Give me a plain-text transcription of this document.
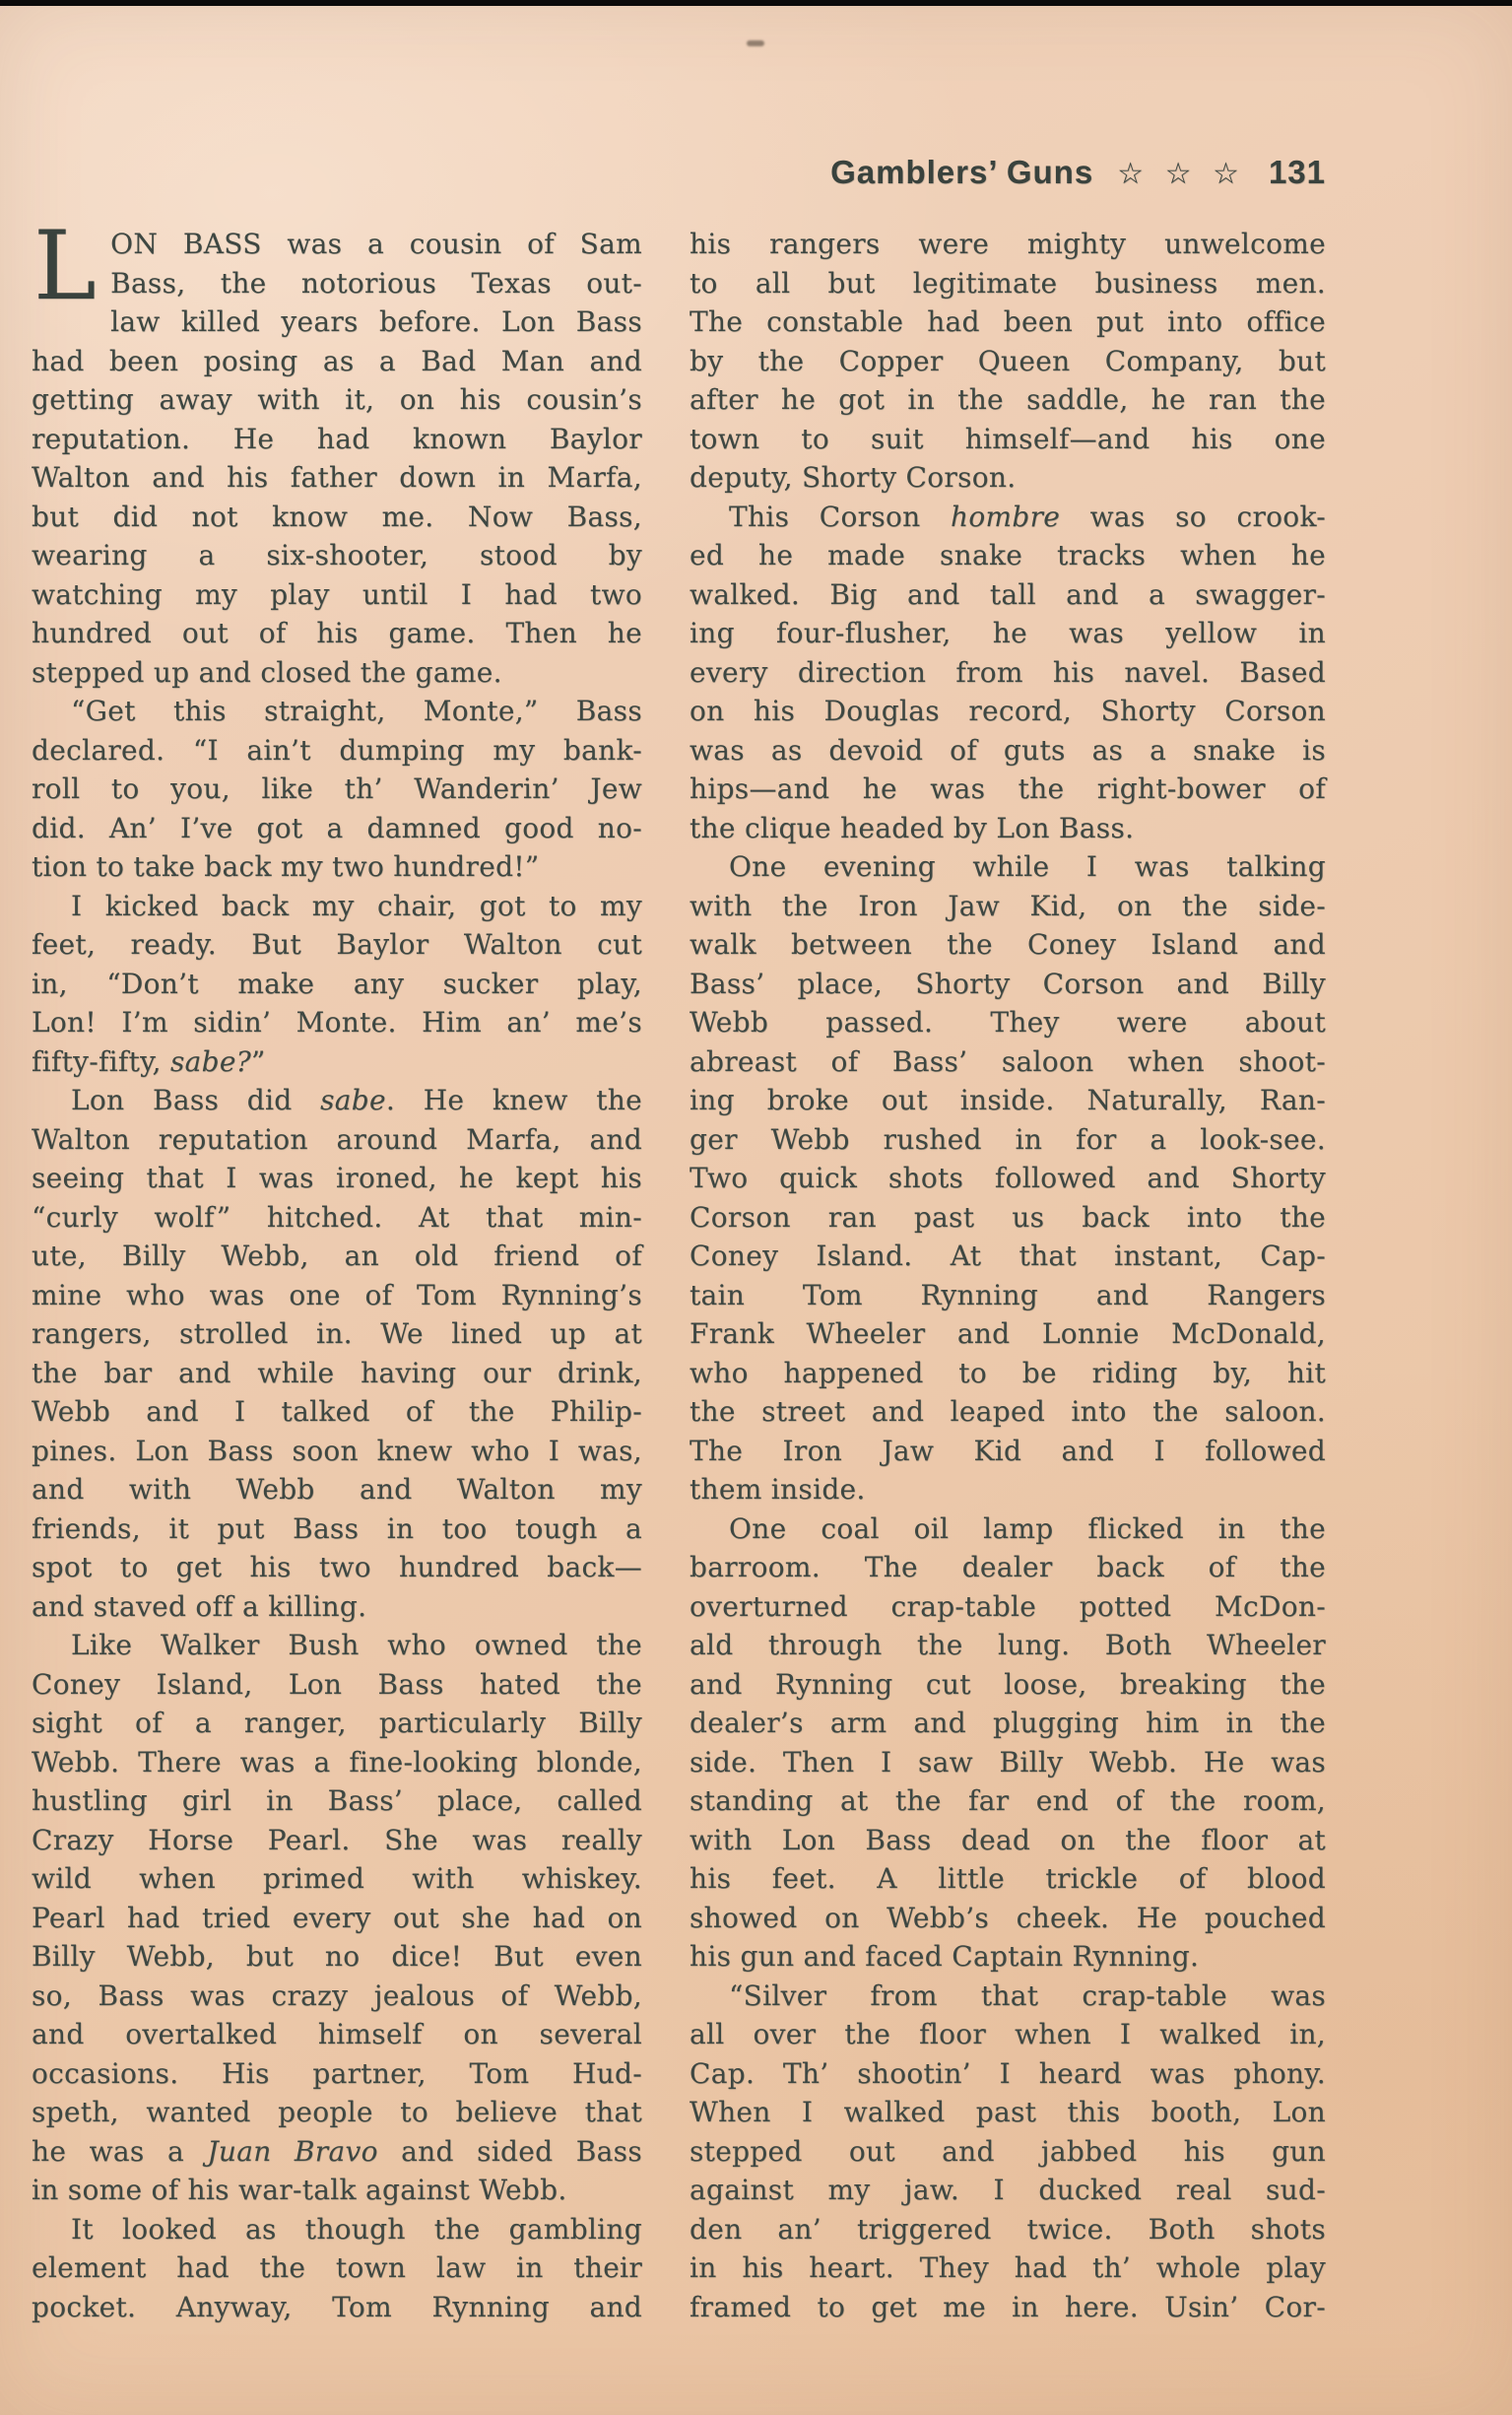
Gamblers’ Guns ☆ ☆ ☆ 131
L ON BASS was a cousin of Sam
Bass, the notorious Texas out-
law killed years before. Lon Bass
had been posing as a Bad Man and
getting away with it, on his cousin’s
reputation. He had known Baylor
Walton and his father down in Marfa,
but did not know me. Now Bass,
wearing a six-shooter, stood by
watching my play until I had two
hundred out of his game. Then he
stepped up and closed the game.
“Get this straight, Monte,” Bass
declared. “I ain’t dumping my bank-
roll to you, like th’ Wanderin’ Jew
did. An’ I’ve got a damned good no-
tion to take back my two hundred!”
I kicked back my chair, got to my
feet, ready. But Baylor Walton cut
in, “Don’t make any sucker play,
Lon! I’m sidin’ Monte. Him an’ me’s
fifty-fifty, sabe?”
Lon Bass did sabe. He knew the
Walton reputation around Marfa, and
seeing that I was ironed, he kept his
“curly wolf” hitched. At that min-
ute, Billy Webb, an old friend of
mine who was one of Tom Rynning’s
rangers, strolled in. We lined up at
the bar and while having our drink,
Webb and I talked of the Philip-
pines. Lon Bass soon knew who I was,
and with Webb and Walton my
friends, it put Bass in too tough a
spot to get his two hundred back—
and staved off a killing.
Like Walker Bush who owned the
Coney Island, Lon Bass hated the
sight of a ranger, particularly Billy
Webb. There was a fine-looking blonde,
hustling girl in Bass’ place, called
Crazy Horse Pearl. She was really
wild when primed with whiskey.
Pearl had tried every out she had on
Billy Webb, but no dice! But even
so, Bass was crazy jealous of Webb,
and overtalked himself on several
occasions. His partner, Tom Hud-
speth, wanted people to believe that
he was a Juan Bravo and sided Bass
in some of his war-talk against Webb.
It looked as though the gambling
element had the town law in their
pocket. Anyway, Tom Rynning and
his rangers were mighty unwelcome
to all but legitimate business men.
The constable had been put into office
by the Copper Queen Company, but
after he got in the saddle, he ran the
town to suit himself—and his one
deputy, Shorty Corson.
This Corson hombre was so crook-
ed he made snake tracks when he
walked. Big and tall and a swagger-
ing four-flusher, he was yellow in
every direction from his navel. Based
on his Douglas record, Shorty Corson
was as devoid of guts as a snake is
hips—and he was the right-bower of
the clique headed by Lon Bass.
One evening while I was talking
with the Iron Jaw Kid, on the side-
walk between the Coney Island and
Bass’ place, Shorty Corson and Billy
Webb passed. They were about
abreast of Bass’ saloon when shoot-
ing broke out inside. Naturally, Ran-
ger Webb rushed in for a look-see.
Two quick shots followed and Shorty
Corson ran past us back into the
Coney Island. At that instant, Cap-
tain Tom Rynning and Rangers
Frank Wheeler and Lonnie McDonald,
who happened to be riding by, hit
the street and leaped into the saloon.
The Iron Jaw Kid and I followed
them inside.
One coal oil lamp flicked in the
barroom. The dealer back of the
overturned crap-table potted McDon-
ald through the lung. Both Wheeler
and Rynning cut loose, breaking the
dealer’s arm and plugging him in the
side. Then I saw Billy Webb. He was
standing at the far end of the room,
with Lon Bass dead on the floor at
his feet. A little trickle of blood
showed on Webb’s cheek. He pouched
his gun and faced Captain Rynning.
“Silver from that crap-table was
all over the floor when I walked in,
Cap. Th’ shootin’ I heard was phony.
When I walked past this booth, Lon
stepped out and jabbed his gun
against my jaw. I ducked real sud-
den an’ triggered twice. Both shots
in his heart. They had th’ whole play
framed to get me in here. Usin’ Cor-
